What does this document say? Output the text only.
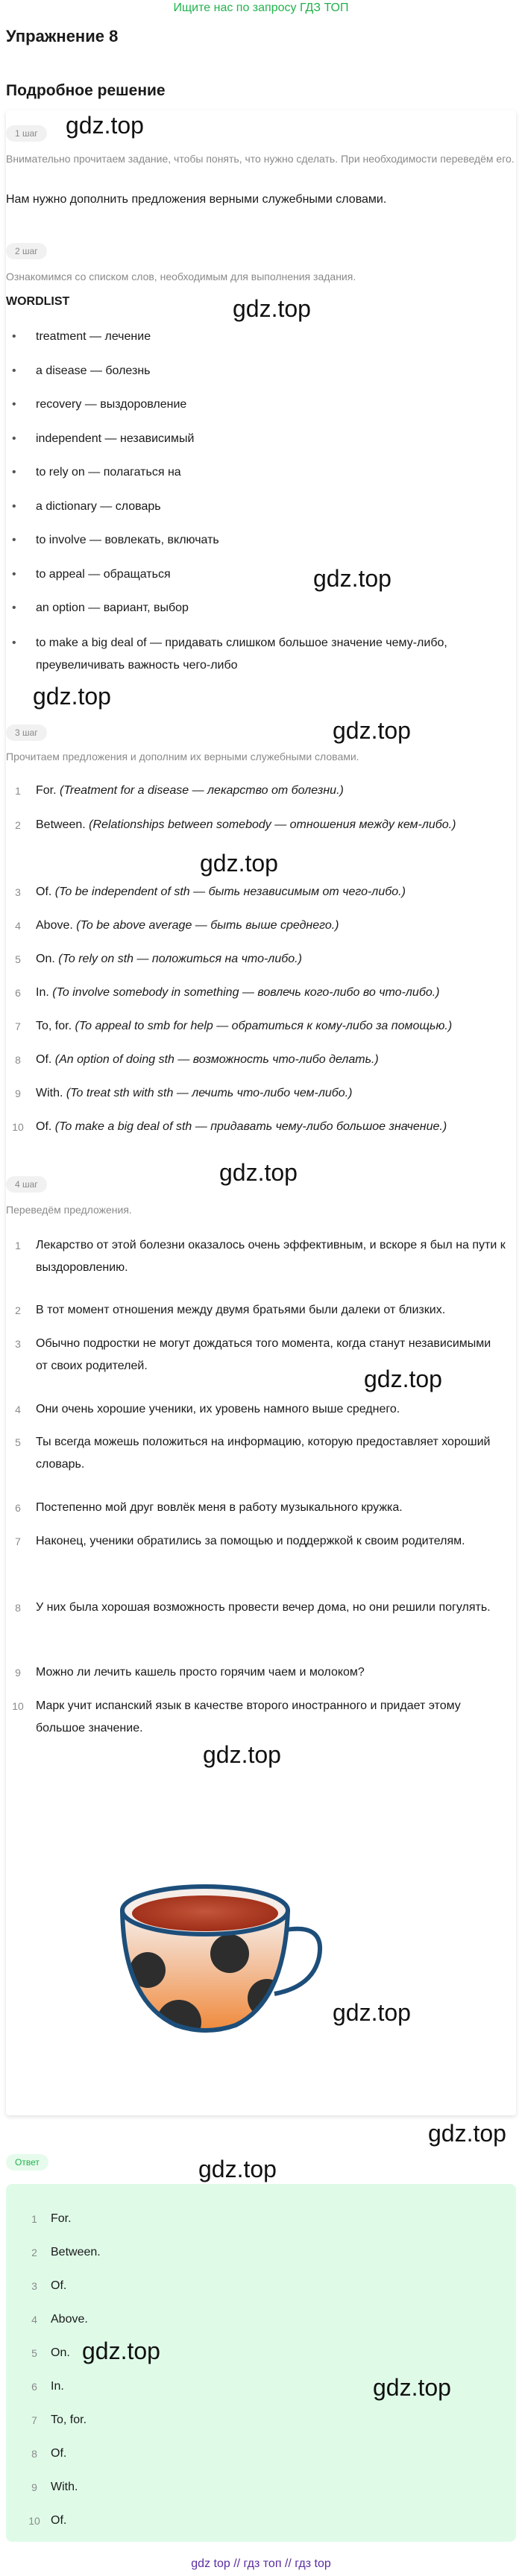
Ищите нас по запросу ГДЗ ТОП
Упражнение 8
Подробное решение
1 шаг
Внимательно прочитаем задание, чтобы понять, что нужно сделать. При необходимости переведём его.
Нам нужно дополнить предложения верными служебными словами.
2 шаг
Ознакомимся со списком слов, необходимым для выполнения задания.
WORDLIST
• treatment — лечение
• a disease — болезнь
• recovery — выздоровление
• independent — независимый
• to rely on — полагаться на
• a dictionary — словарь
• to involve — вовлекать, включать
• to appeal — обращаться
• an option — вариант, выбор
• to make a big deal of — придавать слишком большое значение чему-либо, преувеличивать важность чего-либо
3 шаг
Прочитаем предложения и дополним их верными служебными словами.
1	For. (Treatment for a disease — лекарство от болезни.)
2	Between. (Relationships between somebody — отношения между кем-либо.)
3	Of. (To be independent of sth — быть независимым от чего-либо.)
4	Above. (To be above average — быть выше среднего.)
5	On. (To rely on sth — положиться на что-либо.)
6	In. (To involve somebody in something — вовлечь кого-либо во что-либо.)
7	To, for. (To appeal to smb for help — обратиться к кому-либо за помощью.)
8	Of. (An option of doing sth — возможность что-либо делать.)
9	With. (To treat sth with sth — лечить что-либо чем-либо.)
10 Of. (To make a big deal of sth — придавать чему-либо большое значение.)
4 шаг
Переведём предложения.
1	Лекарство от этой болезни оказалось очень эффективным, и вскоре я был на пути к выздоровлению.
2	В тот момент отношения между двумя братьями были далеки от близких.
3	Обычно подростки не могут дождаться того момента, когда станут независимыми от своих родителей.
4	Они очень хорошие ученики, их уровень намного выше среднего.
5	Ты всегда можешь положиться на информацию, которую предоставляет хороший словарь.
6	Постепенно мой друг вовлёк меня в работу музыкального кружка.
7	Наконец, ученики обратились за помощью и поддержкой к своим родителям.
8	У них была хорошая возможность провести вечер дома, но они решили погулять.
9	Можно ли лечить кашель просто горячим чаем и молоком?
10 Марк учит испанский язык в качестве второго иностранного и придает этому большое значение.
Ответ
1	For.
2	Between.
3	Of.
4	Above.
5	On.
6	In.
7	To, for.
8	Of.
9	With.
10 Of.
gdz top // гдз топ // гдз top
gdz.top
gdz.top
gdz.top
gdz.top
gdz.top
gdz.top
gdz.top
gdz.top
gdz.top
gdz.top
gdz.top
gdz.top
gdz.top
gdz.top
